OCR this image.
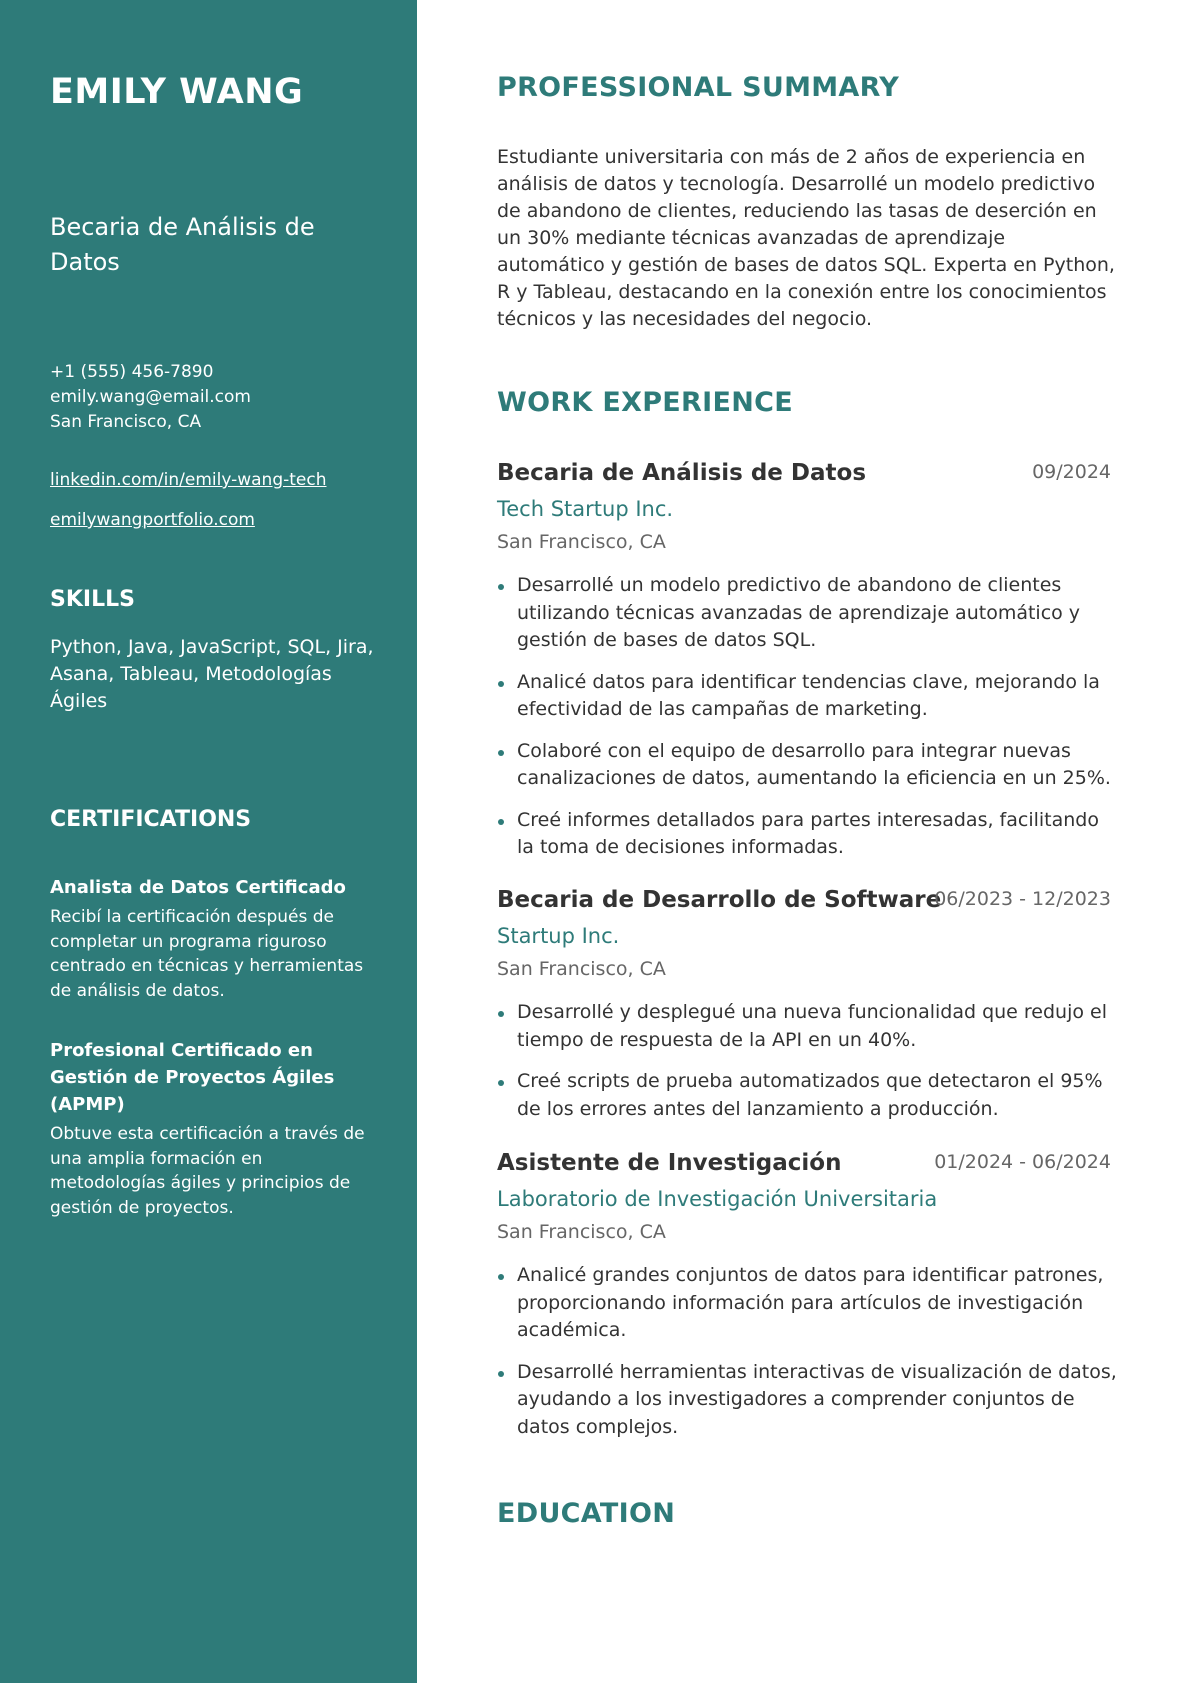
EMILY WANG
Becaria de Análisis de Datos
+1 (555) 456-7890
emily.wang@email.com
San Francisco, CA
linkedin.com/in/emily-wang-tech
emilywangportfolio.com
SKILLS
Python, Java, JavaScript, SQL, Jira, Asana, Tableau, Metodologías Ágiles
CERTIFICATIONS
Analista de Datos Certificado
Recibí la certificación después de completar un programa riguroso centrado en técnicas y herramientas de análisis de datos.
Profesional Certificado en Gestión de Proyectos Ágiles (APMP)
Obtuve esta certificación a través de una amplia formación en metodologías ágiles y principios de gestión de proyectos.
PROFESSIONAL SUMMARY
Estudiante universitaria con más de 2 años de experiencia en análisis de datos y tecnología. Desarrollé un modelo predictivo de abandono de clientes, reduciendo las tasas de deserción en un 30% mediante técnicas avanzadas de aprendizaje automático y gestión de bases de datos SQL. Experta en Python, R y Tableau, destacando en la conexión entre los conocimientos técnicos y las necesidades del negocio.
WORK EXPERIENCE
Becaria de Análisis de Datos	09/2024
Tech Startup Inc.
San Francisco, CA
Desarrollé un modelo predictivo de abandono de clientes utilizando técnicas avanzadas de aprendizaje automático y gestión de bases de datos SQL.
Analicé datos para identificar tendencias clave, mejorando la efectividad de las campañas de marketing.
Colaboré con el equipo de desarrollo para integrar nuevas canalizaciones de datos, aumentando la eficiencia en un 25%.
Creé informes detallados para partes interesadas, facilitando la toma de decisiones informadas.
Becaria de Desarrollo de Software
06/2023 - 12/2023
Startup Inc.
San Francisco, CA
Desarrollé y desplegué una nueva funcionalidad que redujo el tiempo de respuesta de la API en un 40%.
Creé scripts de prueba automatizados que detectaron el 95% de los errores antes del lanzamiento a producción.
Asistente de Investigación	01/2024 - 06/2024
Laboratorio de Investigación Universitaria
San Francisco, CA
Analicé grandes conjuntos de datos para identificar patrones, proporcionando información para artículos de investigación académica.
Desarrollé herramientas interactivas de visualización de datos, ayudando a los investigadores a comprender conjuntos de datos complejos.
EDUCATION
